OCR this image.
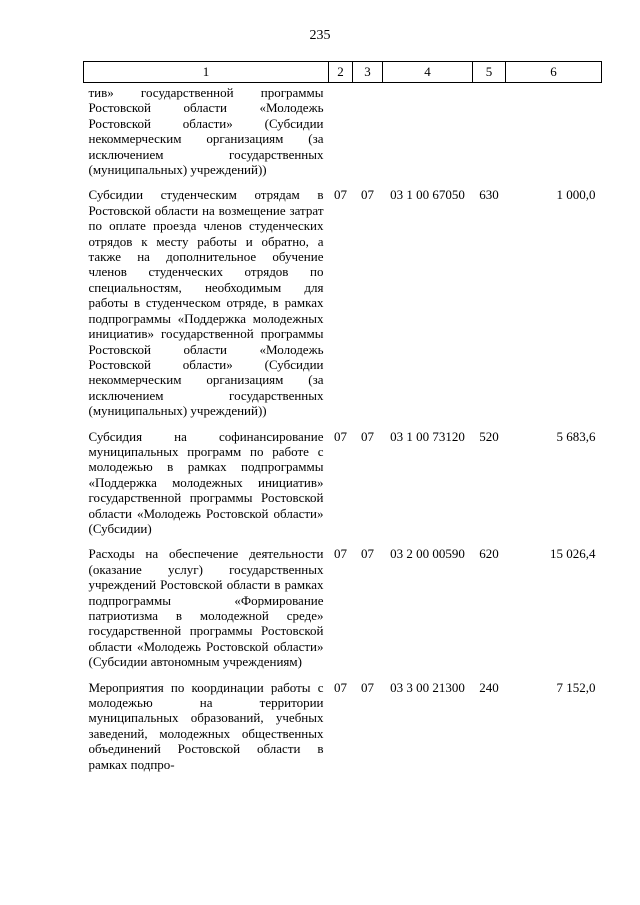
235
1	2	3	4	5	6
тив» государственной программы Ростовской области «Молодежь Ростовской области» (Субсидии некоммерческим организациям (за исключением государственных (муниципальных) учреждений))					

Субсидии студенческим отрядам в Ростовской области на возмещение затрат по оплате проезда членов студенческих отрядов к месту работы и обратно, а также на дополнительное обучение членов студенческих отрядов по специальностям, необходимым для работы в студенческом отряде, в рамках подпрограммы «Поддержка молодежных инициатив» государственной программы Ростовской области «Молодежь Ростовской области» (Субсидии некоммерческим организациям (за исключением государственных (муниципальных) учреждений))	07	07	03 1 00 67050	630	1 000,0

Субсидия на софинансирование муниципальных программ по работе с молодежью в рамках подпрограммы «Поддержка молодежных инициатив» государственной программы Ростовской области «Молодежь Ростовской области» (Субсидии)	07	07	03 1 00 73120	520	5 683,6

Расходы на обеспечение деятельности (оказание услуг) государственных учреждений Ростовской области в рамках подпрограммы «Формирование патриотизма в молодежной среде» государственной программы Ростовской области «Молодежь Ростовской области» (Субсидии автономным учреждениям)	07	07	03 2 00 00590	620	15 026,4

Мероприятия по координации работы с молодежью на территории муниципальных образований, учебных заведений, молодежных общественных объединений Ростовской области в рамках подпро-	07	07	03 3 00 21300	240	7 152,0
